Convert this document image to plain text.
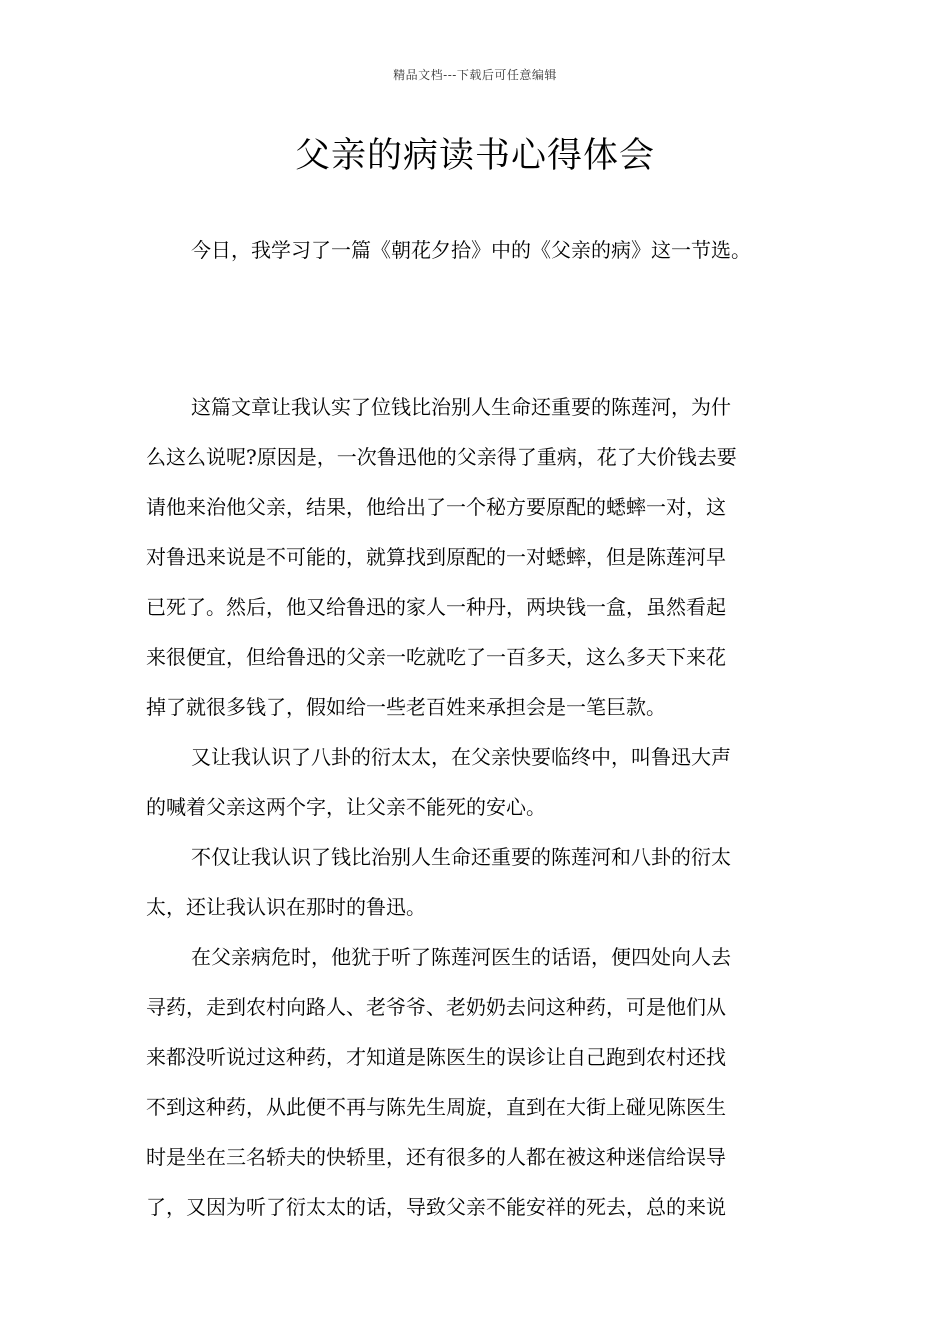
精品文档---下载后可任意编辑
父亲的病读书心得体会

今日，我学习了一篇《朝花夕拾》中的《父亲的病》这一节选。

这篇文章让我认实了位钱比治别人生命还重要的陈莲河，为什
么这么说呢?原因是，一次鲁迅他的父亲得了重病，花了大价钱去要
请他来治他父亲，结果，他给出了一个秘方要原配的蟋蟀一对，这
对鲁迅来说是不可能的，就算找到原配的一对蟋蟀，但是陈莲河早
已死了。然后，他又给鲁迅的家人一种丹，两块钱一盒，虽然看起
来很便宜，但给鲁迅的父亲一吃就吃了一百多天，这么多天下来花
掉了就很多钱了，假如给一些老百姓来承担会是一笔巨款。

又让我认识了八卦的衍太太，在父亲快要临终中，叫鲁迅大声
的喊着父亲这两个字，让父亲不能死的安心。

不仅让我认识了钱比治别人生命还重要的陈莲河和八卦的衍太
太，还让我认识在那时的鲁迅。

在父亲病危时，他犹于听了陈莲河医生的话语，便四处向人去
寻药，走到农村向路人、老爷爷、老奶奶去问这种药，可是他们从
来都没听说过这种药，才知道是陈医生的误诊让自己跑到农村还找
不到这种药，从此便不再与陈先生周旋，直到在大街上碰见陈医生
时是坐在三名轿夫的快轿里，还有很多的人都在被这种迷信给误导
了，又因为听了衍太太的话，导致父亲不能安祥的死去，总的来说
